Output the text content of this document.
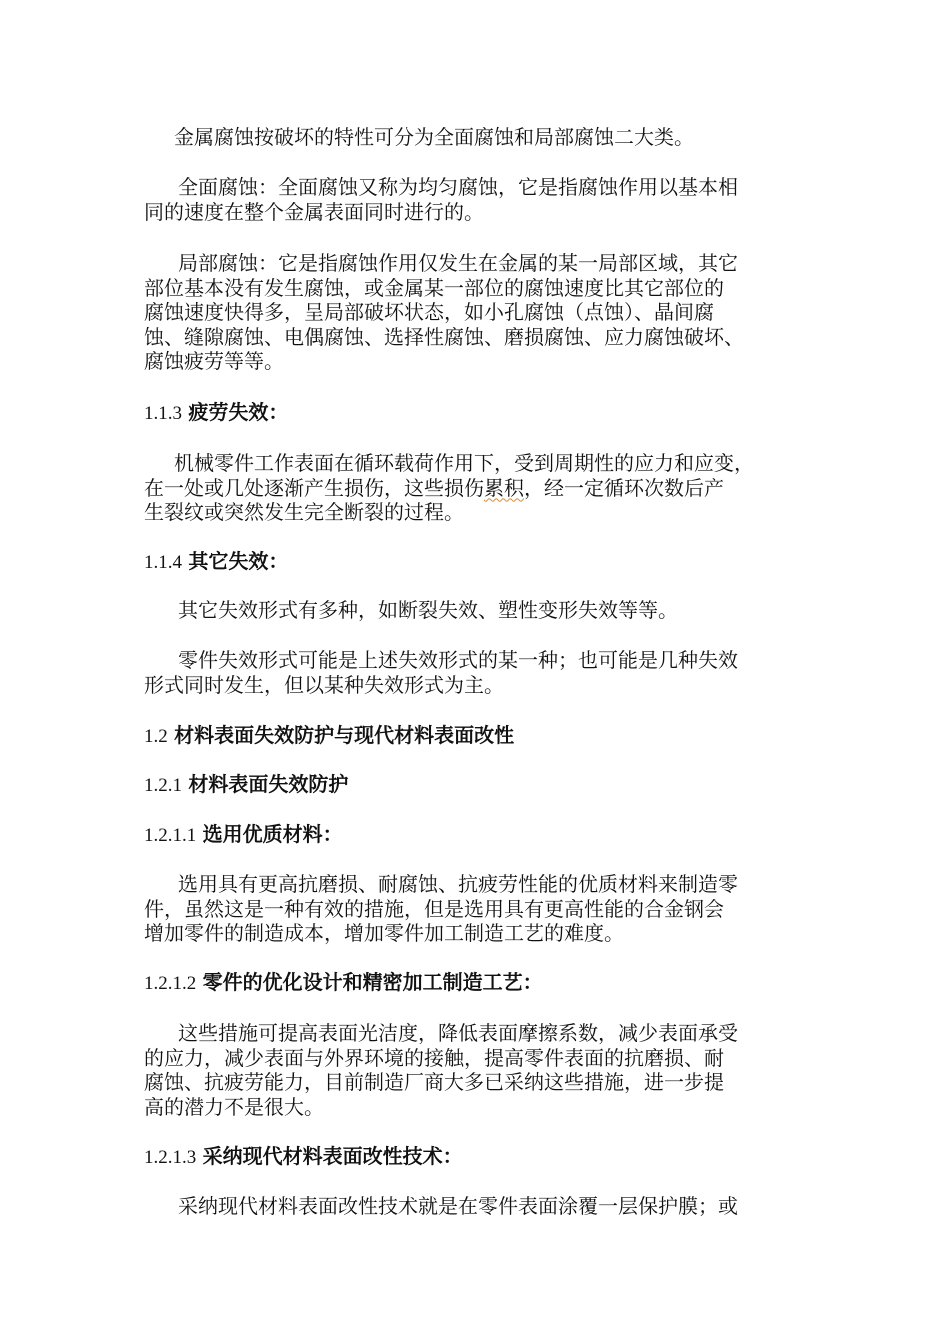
金属腐蚀按破坏的特性可分为全面腐蚀和局部腐蚀二大类。
全面腐蚀：全面腐蚀又称为均匀腐蚀，它是指腐蚀作用以基本相
同的速度在整个金属表面同时进行的。
局部腐蚀：它是指腐蚀作用仅发生在金属的某一局部区域，其它
部位基本没有发生腐蚀，或金属某一部位的腐蚀速度比其它部位的
腐蚀速度快得多，呈局部破坏状态，如小孔腐蚀（点蚀）、晶间腐
蚀、缝隙腐蚀、电偶腐蚀、选择性腐蚀、磨损腐蚀、应力腐蚀破坏、
腐蚀疲劳等等。
1.1.3 疲劳失效：
机械零件工作表面在循环载荷作用下，受到周期性的应力和应变，
在一处或几处逐渐产生损伤，这些损伤累积，经一定循环次数后产
生裂纹或突然发生完全断裂的过程。
1.1.4 其它失效：
其它失效形式有多种，如断裂失效、塑性变形失效等等。
零件失效形式可能是上述失效形式的某一种；也可能是几种失效
形式同时发生，但以某种失效形式为主。
1.2 材料表面失效防护与现代材料表面改性
1.2.1 材料表面失效防护
1.2.1.1 选用优质材料：
选用具有更高抗磨损、耐腐蚀、抗疲劳性能的优质材料来制造零
件，虽然这是一种有效的措施，但是选用具有更高性能的合金钢会
增加零件的制造成本，增加零件加工制造工艺的难度。
1.2.1.2 零件的优化设计和精密加工制造工艺：
这些措施可提高表面光洁度，降低表面摩擦系数，减少表面承受
的应力，减少表面与外界环境的接触，提高零件表面的抗磨损、耐
腐蚀、抗疲劳能力，目前制造厂商大多已采纳这些措施，进一步提
高的潜力不是很大。
1.2.1.3 采纳现代材料表面改性技术：
采纳现代材料表面改性技术就是在零件表面涂覆一层保护膜；或
